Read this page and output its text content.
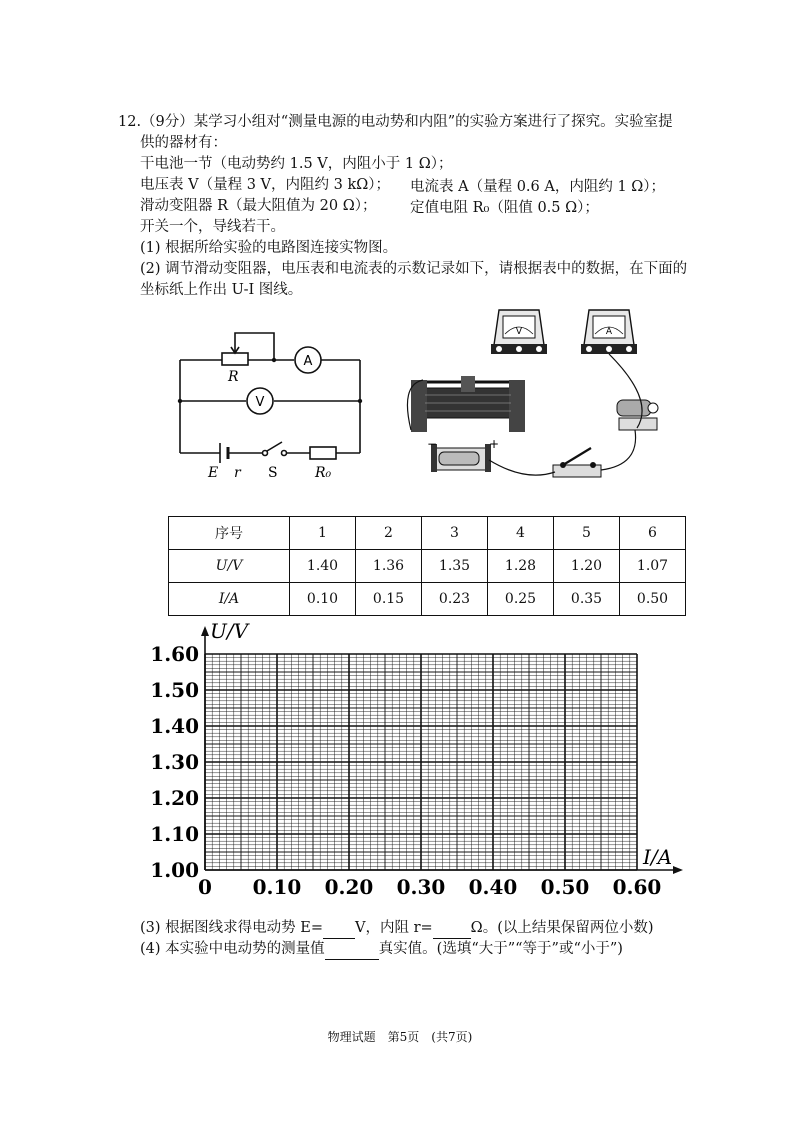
12.（9分）某学习小组对“测量电源的电动势和内阻”的实验方案进行了探究。实验室提
供的器材有：
干电池一节（电动势约 1.5 V，内阻小于 1 Ω）；
电压表 V（量程 3 V，内阻约 3 kΩ）； 电流表 A（量程 0.6 A，内阻约 1 Ω）；
滑动变阻器 R（最大阻值为 20 Ω）； 定值电阻 R₀（阻值 0.5 Ω）；
开关一个，导线若干。
(1) 根据所给实验的电路图连接实物图。
(2) 调节滑动变阻器，电压表和电流表的示数记录如下，请根据表中的数据，在下面的
坐标纸上作出 U-I 图线。
A
V
R
E r S	R₀
V	A
−	+
序号	1	2	3	4	5	6
U/V	1.40	1.36	1.35	1.28	1.20	1.07
I/A	0.10	0.15	0.23	0.25	0.35	0.50
1.00
1.10
1.20
1.30
1.40
1.50
1.60
0 0.10 0.20 0.30 0.40 0.50 0.60
U/V
I/A
(3) 根据图线求得电动势 E= V，内阻 r=	Ω。(以上结果保留两位小数)
(4) 本实验中电动势的测量值	真实值。(选填“大于”“等于”或“小于”)
物理试题　第5页　(共7页)
